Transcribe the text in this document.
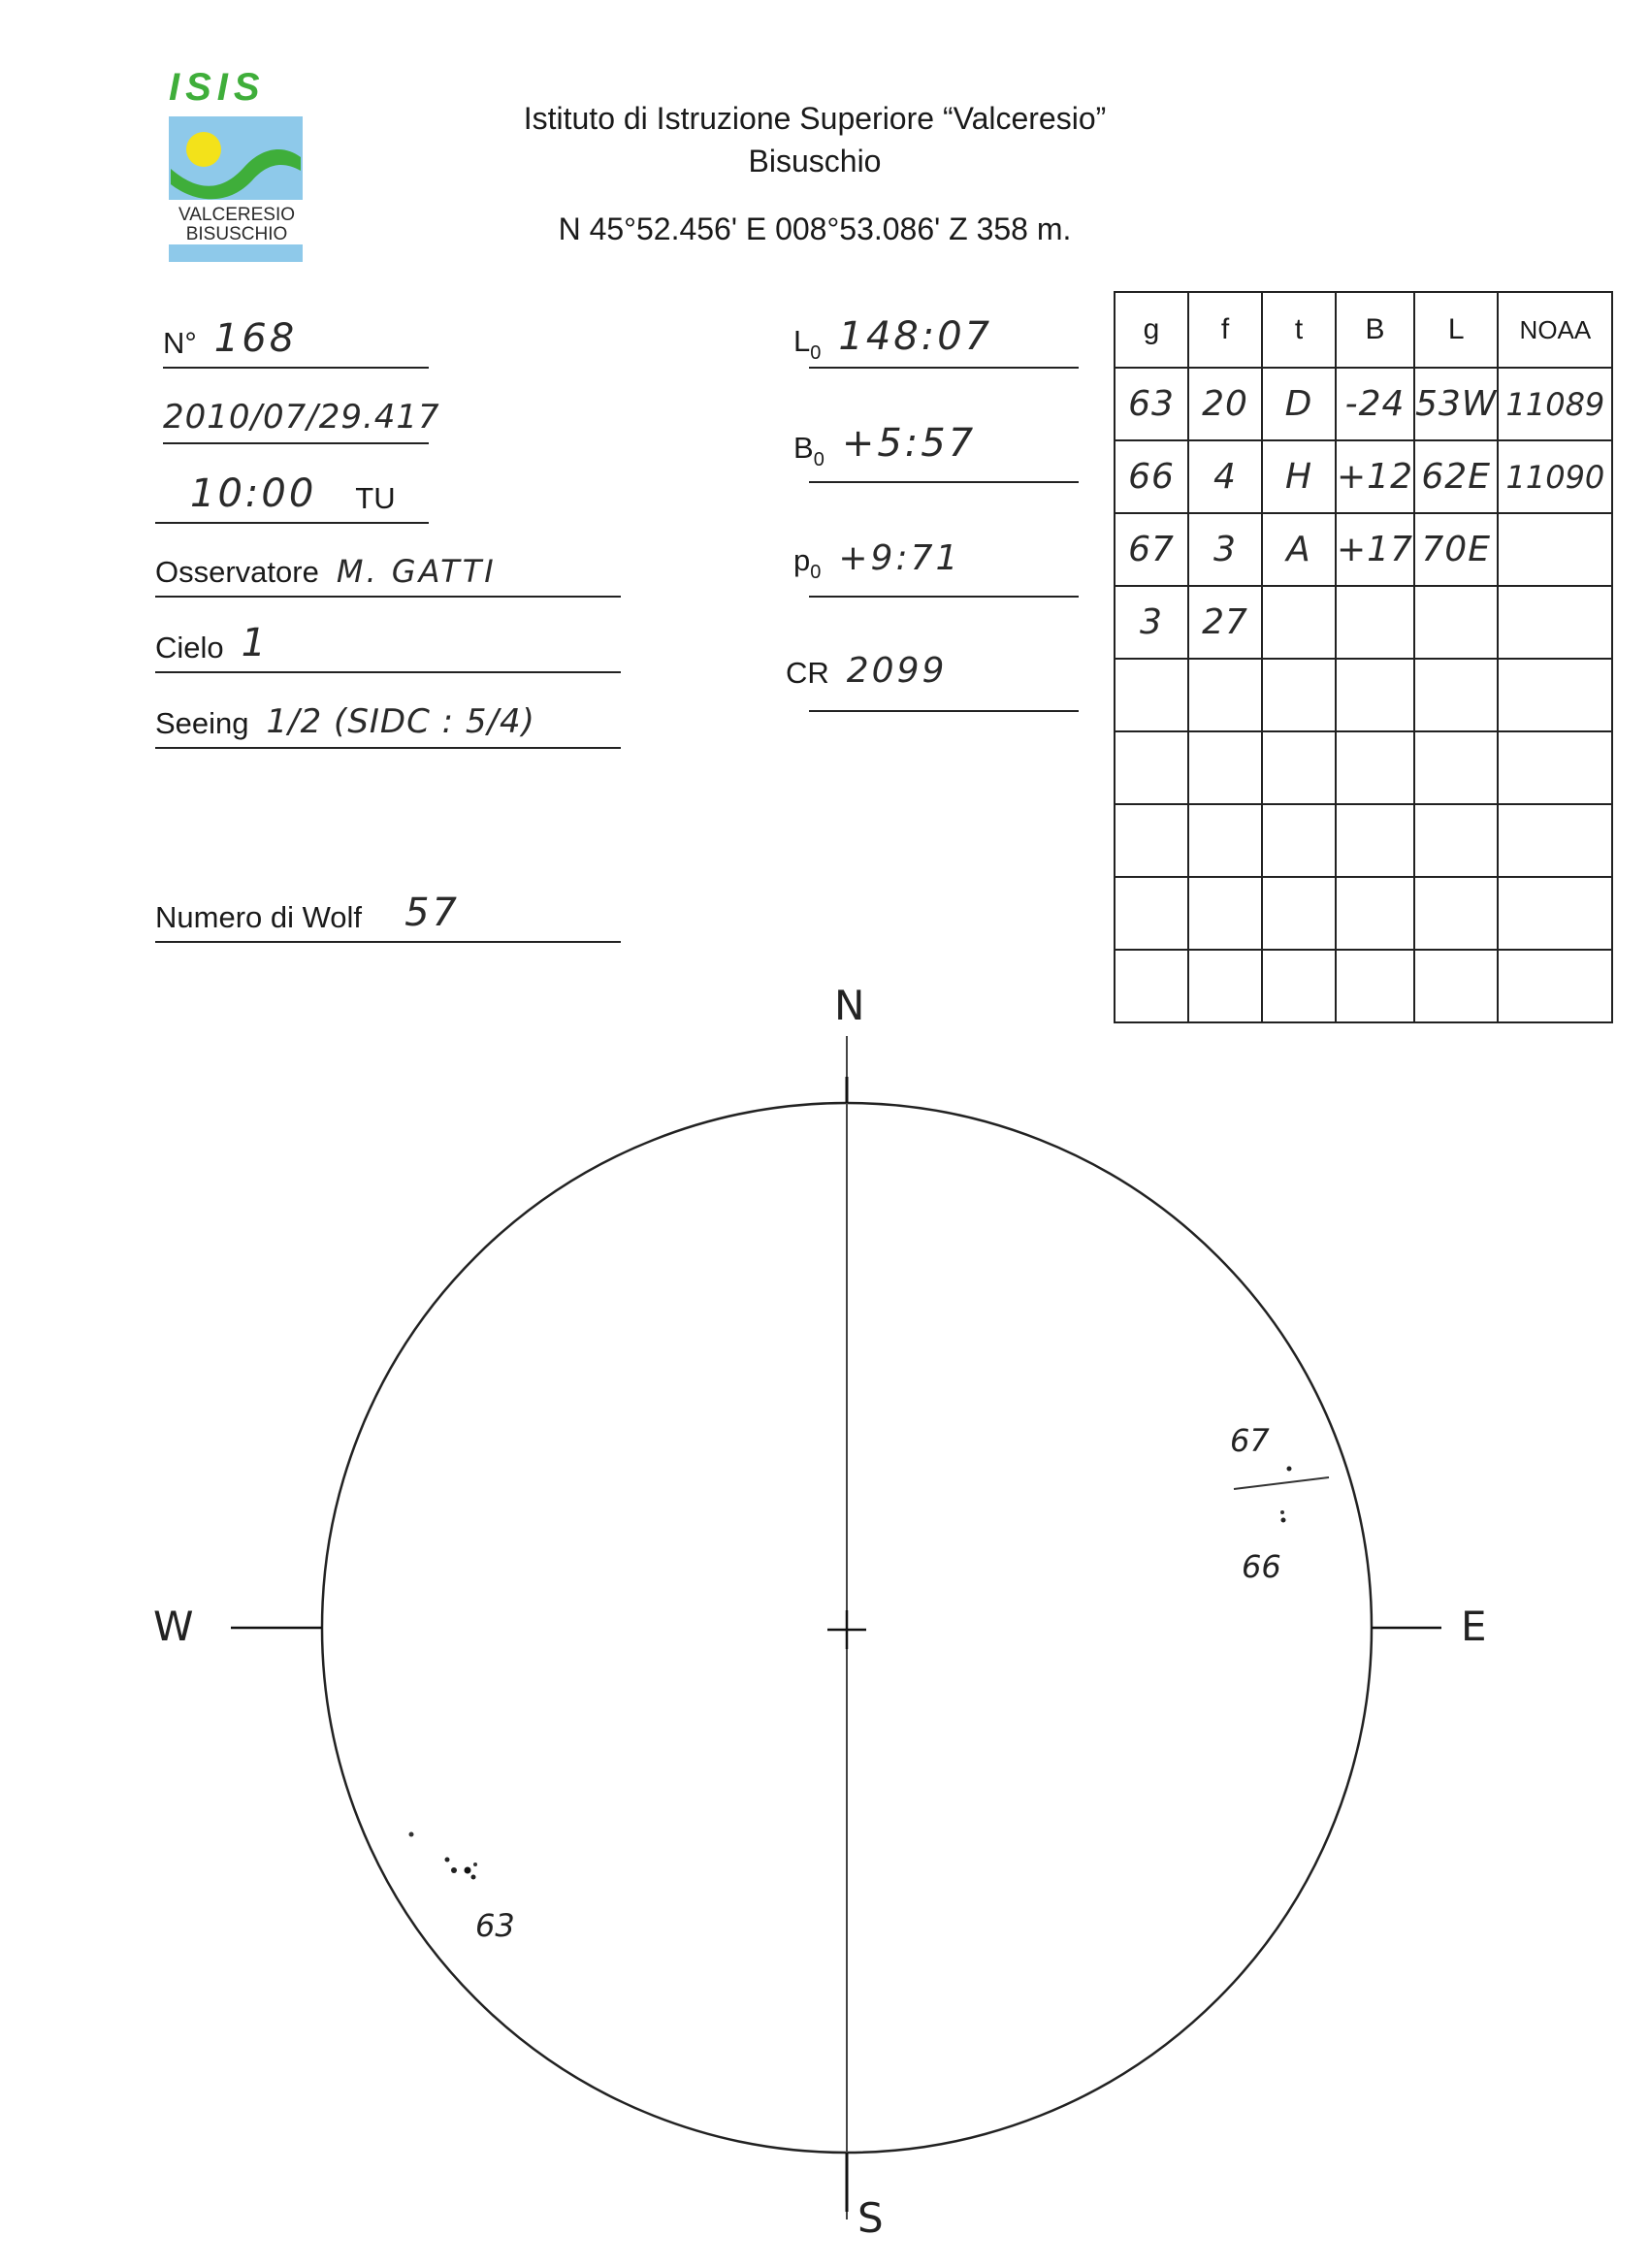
ISIS
VALCERESIO
BISUSCHIO
Istituto di Istruzione Superiore “Valceresio”
Bisuschio
N 45°52.456' E 008°53.086' Z 358 m.
N° 168
2010/07/29.417
10:00 TU
Osservatore M. GATTI
Cielo 1
Seeing 1/2 (SIDC : 5/4)
Numero di Wolf 57
$L_0$ 148:07
$B_0$ +5:57
$p_0$ +9:71
CR 2099
g	f	t	B	L	NOAA
63	20	D	-24	53W	11089
66	4	H	+12	62E	11090
67	3	A	+17	70E	
3	27				

N
S
E
W
67
66
63
